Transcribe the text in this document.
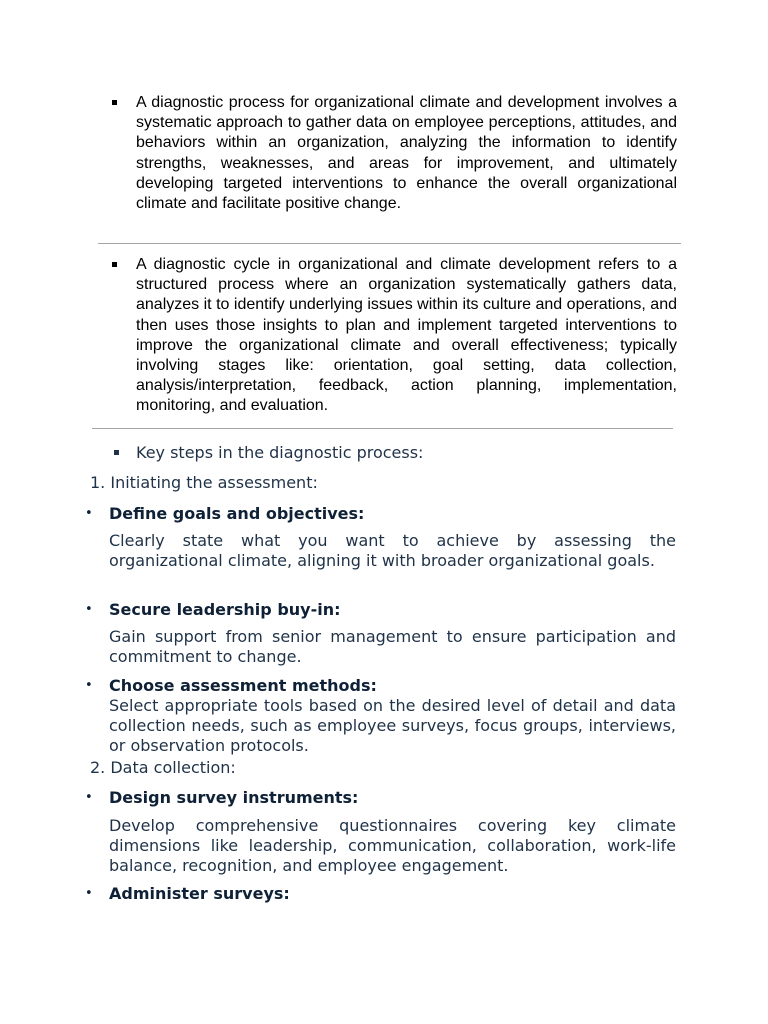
A diagnostic process for organizational climate and development involves a systematic approach to gather data on employee perceptions, attitudes, and behaviors within an organization, analyzing the information to identify strengths, weaknesses, and areas for improvement, and ultimately developing targeted interventions to enhance the overall organizational climate and facilitate positive change.
A diagnostic cycle in organizational and climate development refers to a structured process where an organization systematically gathers data, analyzes it to identify underlying issues within its culture and operations, and then uses those insights to plan and implement targeted interventions to improve the organizational climate and overall effectiveness; typically involving stages like: orientation, goal setting, data collection, analysis/interpretation, feedback, action planning, implementation, monitoring, and evaluation.
Key steps in the diagnostic process:
1. Initiating the assessment:
• Define goals and objectives:
Clearly state what you want to achieve by assessing the organizational climate, aligning it with broader organizational goals.
• Secure leadership buy-in:
Gain support from senior management to ensure participation and commitment to change.
• Choose assessment methods:
Select appropriate tools based on the desired level of detail and data collection needs, such as employee surveys, focus groups, interviews, or observation protocols.
2. Data collection:
• Design survey instruments:
Develop comprehensive questionnaires covering key climate dimensions like leadership, communication, collaboration, work-life balance, recognition, and employee engagement.
• Administer surveys:
